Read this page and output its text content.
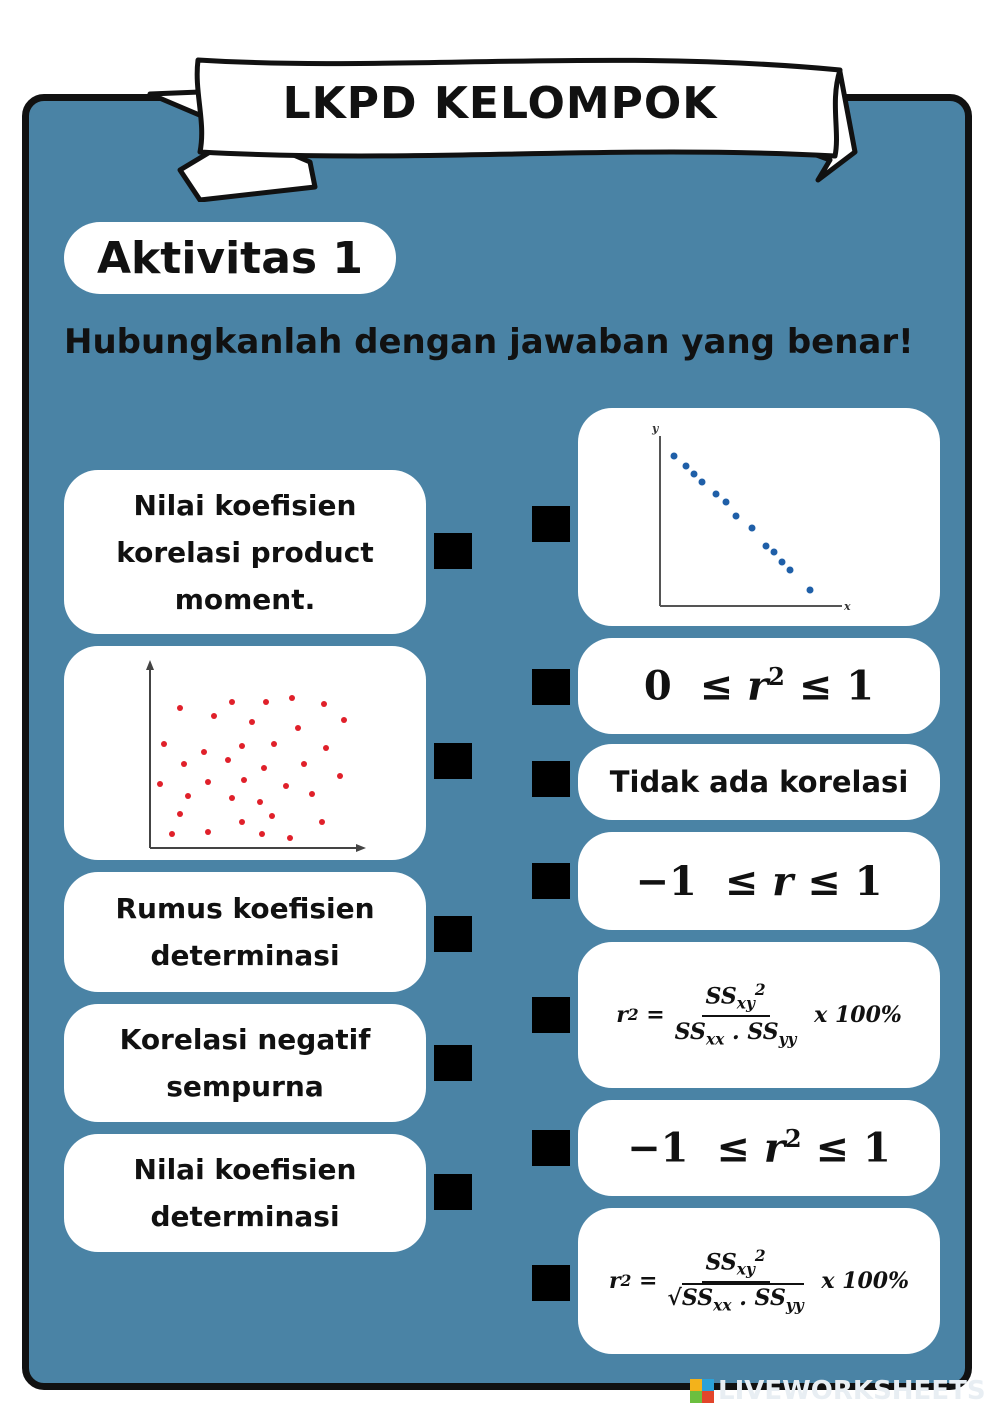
LKPD KELOMPOK
Aktivitas 1
Hubungkanlah dengan jawaban yang benar!
Nilai koefisien korelasi product moment.
Rumus koefisien determinasi
Korelasi negatif sempurna
Nilai koefisien determinasi
y
x
$0 \le r^2 \le 1$
Tidak ada korelasi
−1 ≤ r ≤ 1
r 2
= $\frac{SS_{xy}^2}{SS_{xx} . SS_{yy}}$
x 100%
$-1 \le r^2 \le 1$
r 2
= $\frac{SS_{xy}^2}{√SS_{xx} . SS_{yy}}$
x 100%
LIVEWORKSHEETS
